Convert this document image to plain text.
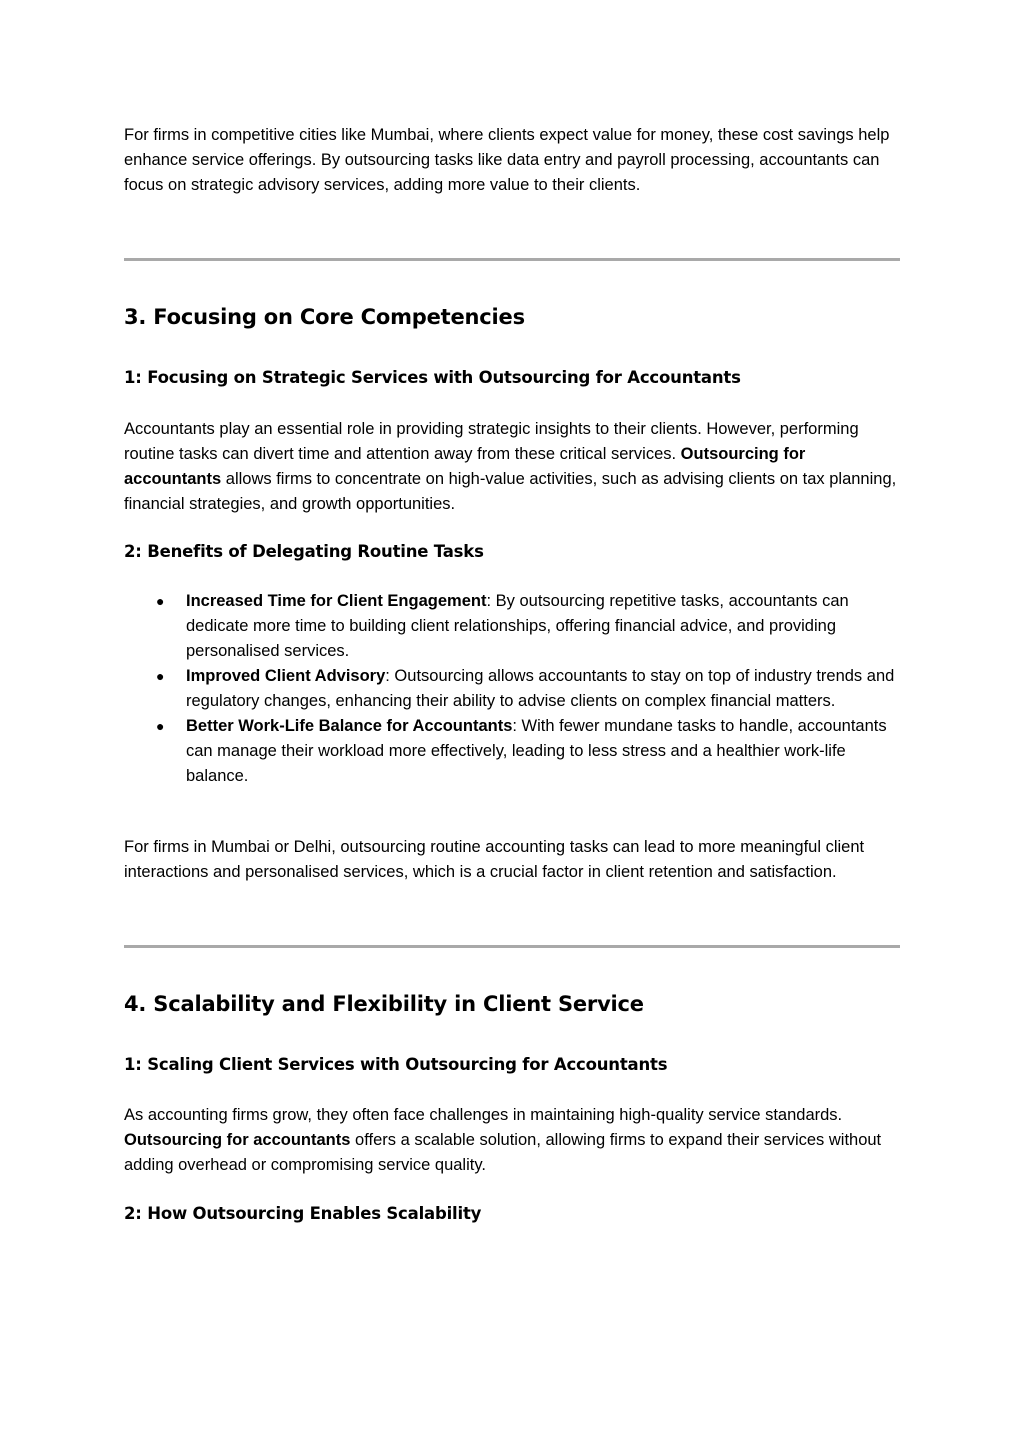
For firms in competitive cities like Mumbai, where clients expect value for money, these cost savings help enhance service offerings. By outsourcing tasks like data entry and payroll processing, accountants can focus on strategic advisory services, adding more value to their clients.

3. Focusing on Core Competencies
1: Focusing on Strategic Services with Outsourcing for Accountants

Accountants play an essential role in providing strategic insights to their clients. However, performing routine tasks can divert time and attention away from these critical services. Outsourcing for accountants allows firms to concentrate on high-value activities, such as advising clients on tax planning, financial strategies, and growth opportunities.

2: Benefits of Delegating Routine Tasks
● Increased Time for Client Engagement: By outsourcing repetitive tasks, accountants can dedicate more time to building client relationships, offering financial advice, and providing personalised services.
● Improved Client Advisory: Outsourcing allows accountants to stay on top of industry trends and regulatory changes, enhancing their ability to advise clients on complex financial matters.
● Better Work-Life Balance for Accountants: With fewer mundane tasks to handle, accountants can manage their workload more effectively, leading to less stress and a healthier work-life balance.

For firms in Mumbai or Delhi, outsourcing routine accounting tasks can lead to more meaningful client interactions and personalised services, which is a crucial factor in client retention and satisfaction.

4. Scalability and Flexibility in Client Service
1: Scaling Client Services with Outsourcing for Accountants

As accounting firms grow, they often face challenges in maintaining high-quality service standards. Outsourcing for accountants offers a scalable solution, allowing firms to expand their services without adding overhead or compromising service quality.

2: How Outsourcing Enables Scalability
